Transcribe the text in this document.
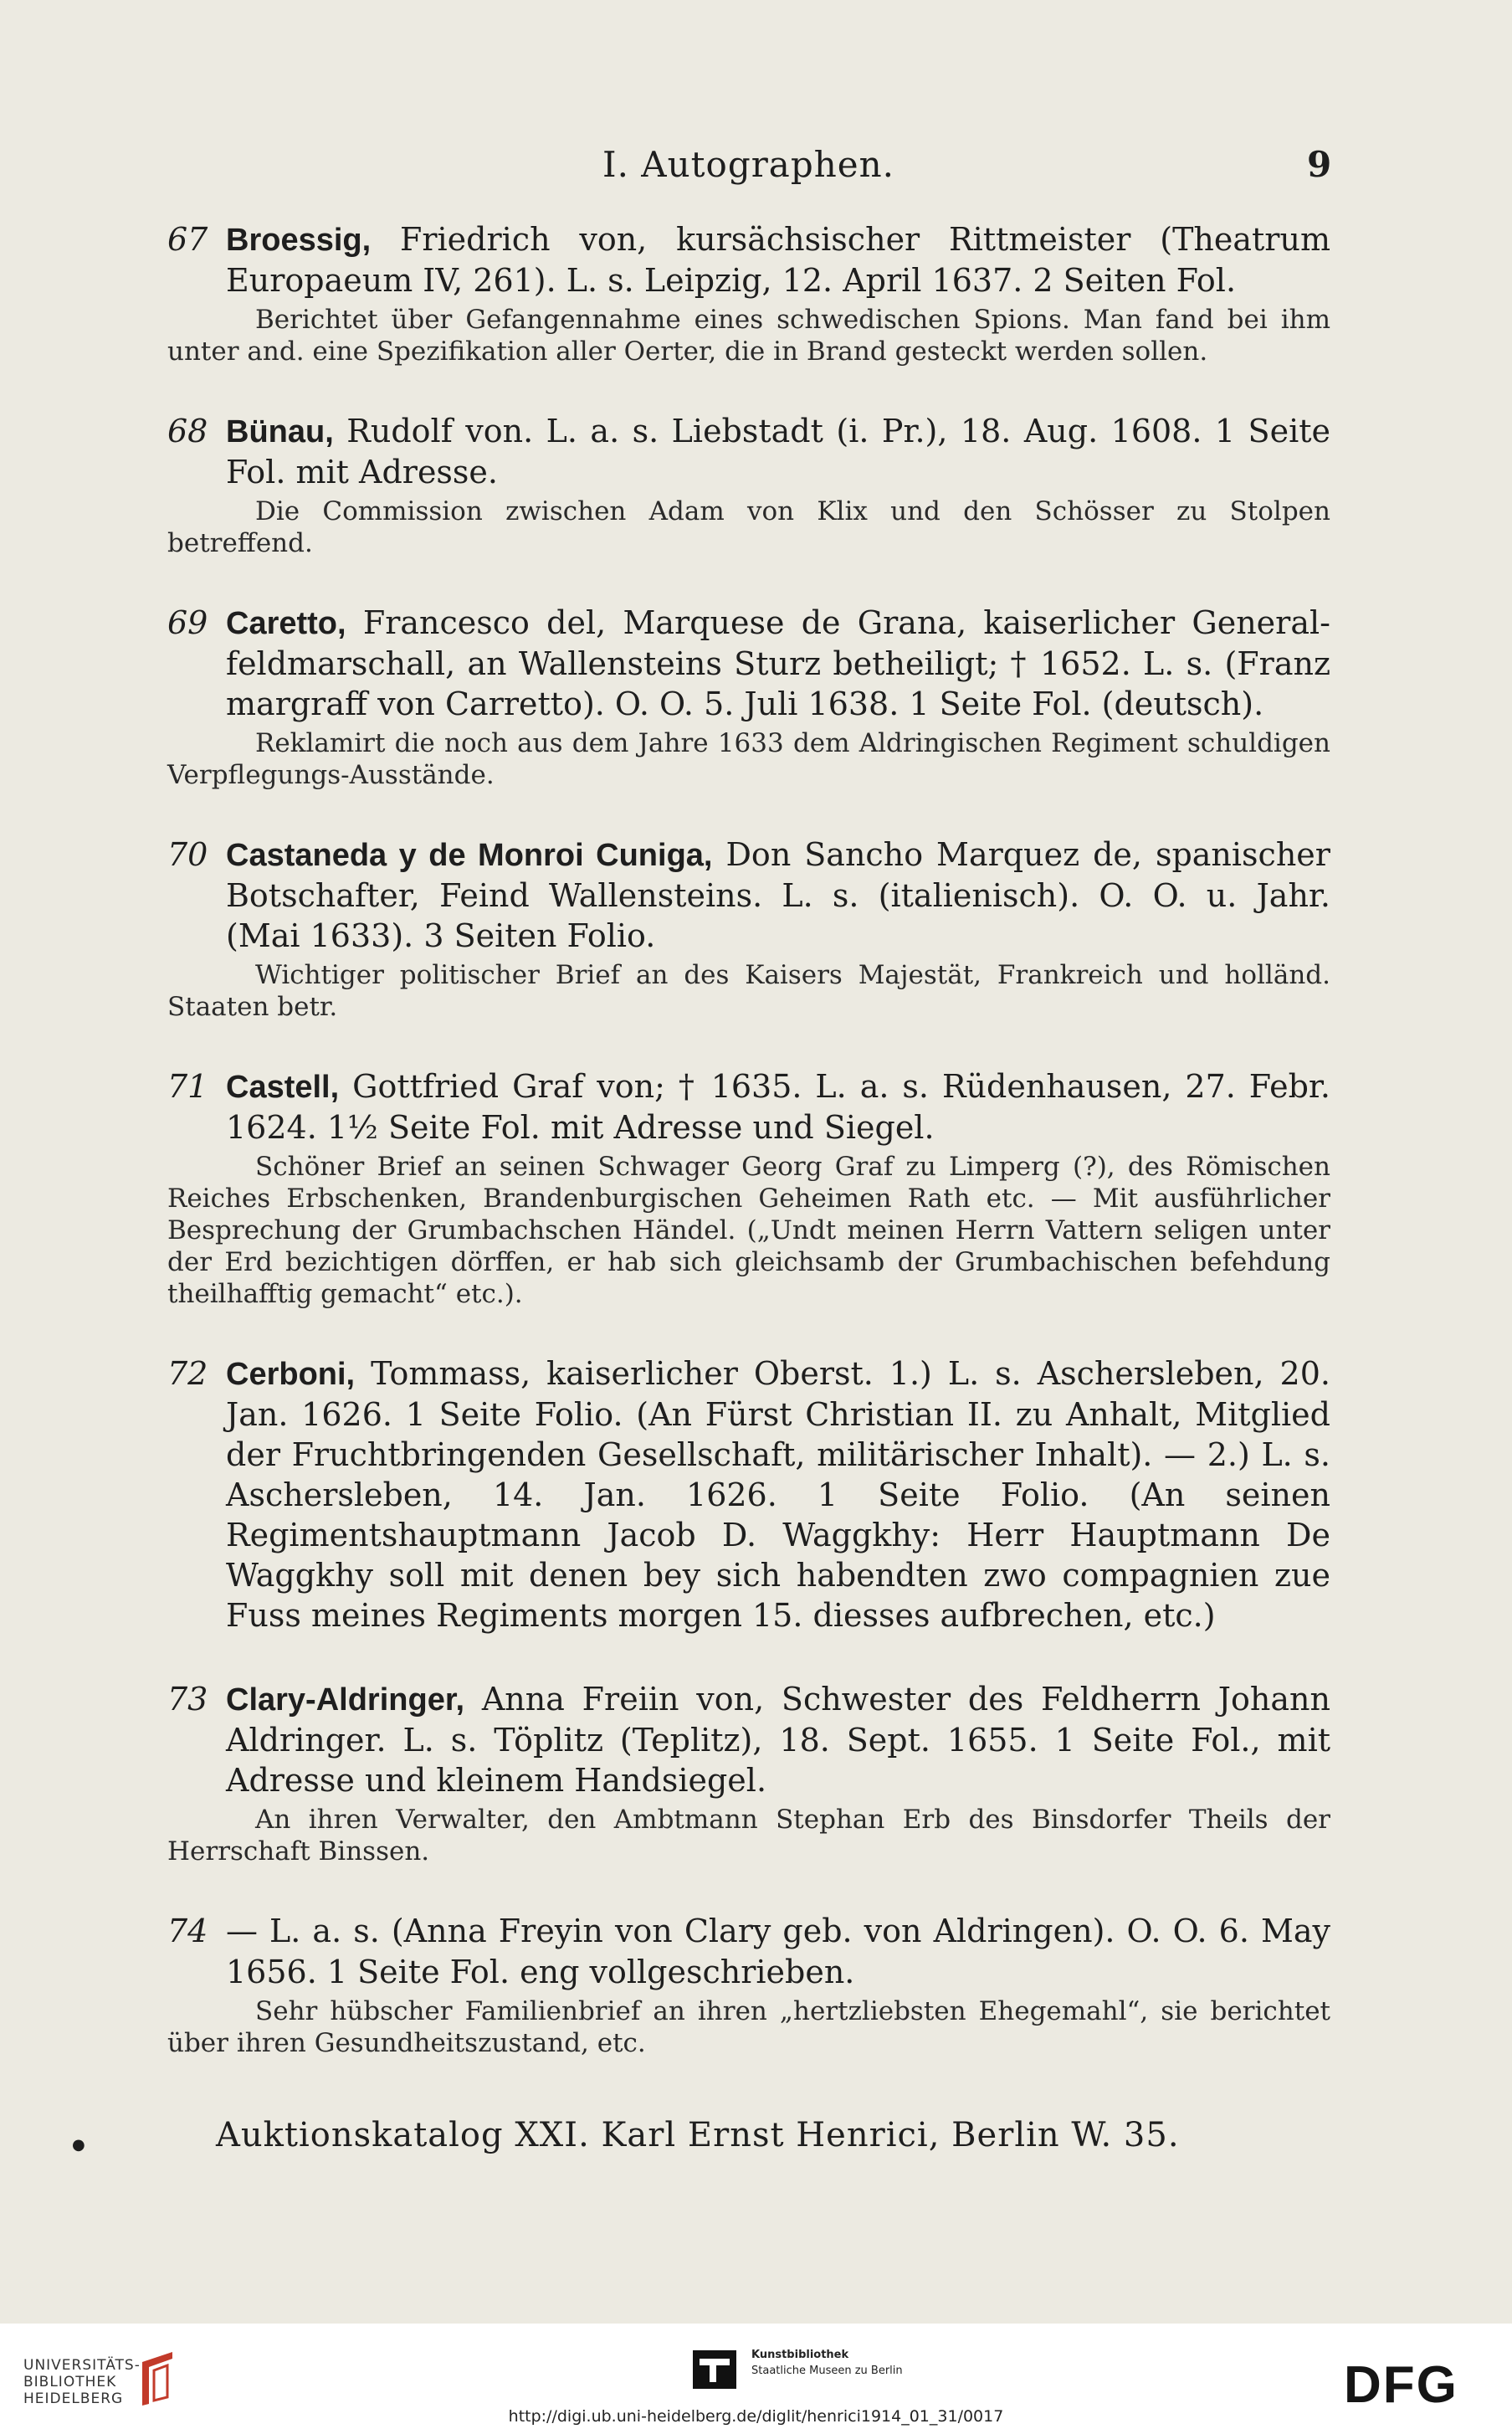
I. Autographen.	9
67 Broessig, Friedrich von, kursächsischer Rittmeister (Theatrum Europaeum IV, 261). L. s. Leipzig, 12. April 1637. 2 Seiten Fol.
Berichtet über Gefangennahme eines schwedischen Spions. Man fand bei ihm unter and. eine Spezifikation aller Oerter, die in Brand gesteckt werden sollen.
68 Bünau, Rudolf von. L. a. s. Liebstadt (i. Pr.), 18. Aug. 1608. 1 Seite Fol. mit Adresse.
Die Commission zwischen Adam von Klix und den Schösser zu Stolpen betreffend.
69 Caretto, Francesco del, Marquese de Grana, kaiserlicher General-feldmarschall, an Wallensteins Sturz betheiligt; † 1652. L. s. (Franz margraff von Carretto). O. O. 5. Juli 1638. 1 Seite Fol. (deutsch).
Reklamirt die noch aus dem Jahre 1633 dem Aldringischen Regiment schuldigen Verpflegungs-Ausstände.
70 Castaneda y de Monroi Cuniga, Don Sancho Marquez de, spanischer Botschafter, Feind Wallensteins. L. s. (italienisch). O. O. u. Jahr. (Mai 1633). 3 Seiten Folio.
Wichtiger politischer Brief an des Kaisers Majestät, Frankreich und holländ. Staaten betr.
71 Castell, Gottfried Graf von; † 1635. L. a. s. Rüdenhausen, 27. Febr. 1624. 1½ Seite Fol. mit Adresse und Siegel.
Schöner Brief an seinen Schwager Georg Graf zu Limperg (?), des Römischen Reiches Erbschenken, Brandenburgischen Geheimen Rath etc. — Mit ausführlicher Besprechung der Grumbachschen Händel. („Undt meinen Herrn Vattern seligen unter der Erd bezichtigen dörffen, er hab sich gleichsamb der Grumbachischen befehdung theilhafftig gemacht“ etc.).
72 Cerboni, Tommass, kaiserlicher Oberst. 1.) L. s. Aschersleben, 20. Jan. 1626. 1 Seite Folio. (An Fürst Christian II. zu Anhalt, Mitglied der Fruchtbringenden Gesellschaft, militärischer Inhalt). — 2.) L. s. Aschersleben, 14. Jan. 1626. 1 Seite Folio. (An seinen Regimentshauptmann Jacob D. Waggkhy: Herr Hauptmann De Waggkhy soll mit denen bey sich habendten zwo compagnien zue Fuss meines Regiments morgen 15. diesses aufbrechen, etc.)
73 Clary-Aldringer, Anna Freiin von, Schwester des Feldherrn Johann Aldringer. L. s. Töplitz (Teplitz), 18. Sept. 1655. 1 Seite Fol., mit Adresse und kleinem Handsiegel.
An ihren Verwalter, den Ambtmann Stephan Erb des Binsdorfer Theils der Herrschaft Binssen.
74 — L. a. s. (Anna Freyin von Clary geb. von Aldringen). O. O. 6. May 1656. 1 Seite Fol. eng vollgeschrieben.
Sehr hübscher Familienbrief an ihren „hertzliebsten Ehegemahl“, sie berichtet über ihren Gesundheitszustand, etc.
●	Auktionskatalog XXI. Karl Ernst Henrici, Berlin W. 35.
UNIVERSITÄTS-
BIBLIOTHEK
HEIDELBERG
Kunstbibliothek
Staatliche Museen zu Berlin	DFG
http://digi.ub.uni-heidelberg.de/diglit/henrici1914_01_31/0017
